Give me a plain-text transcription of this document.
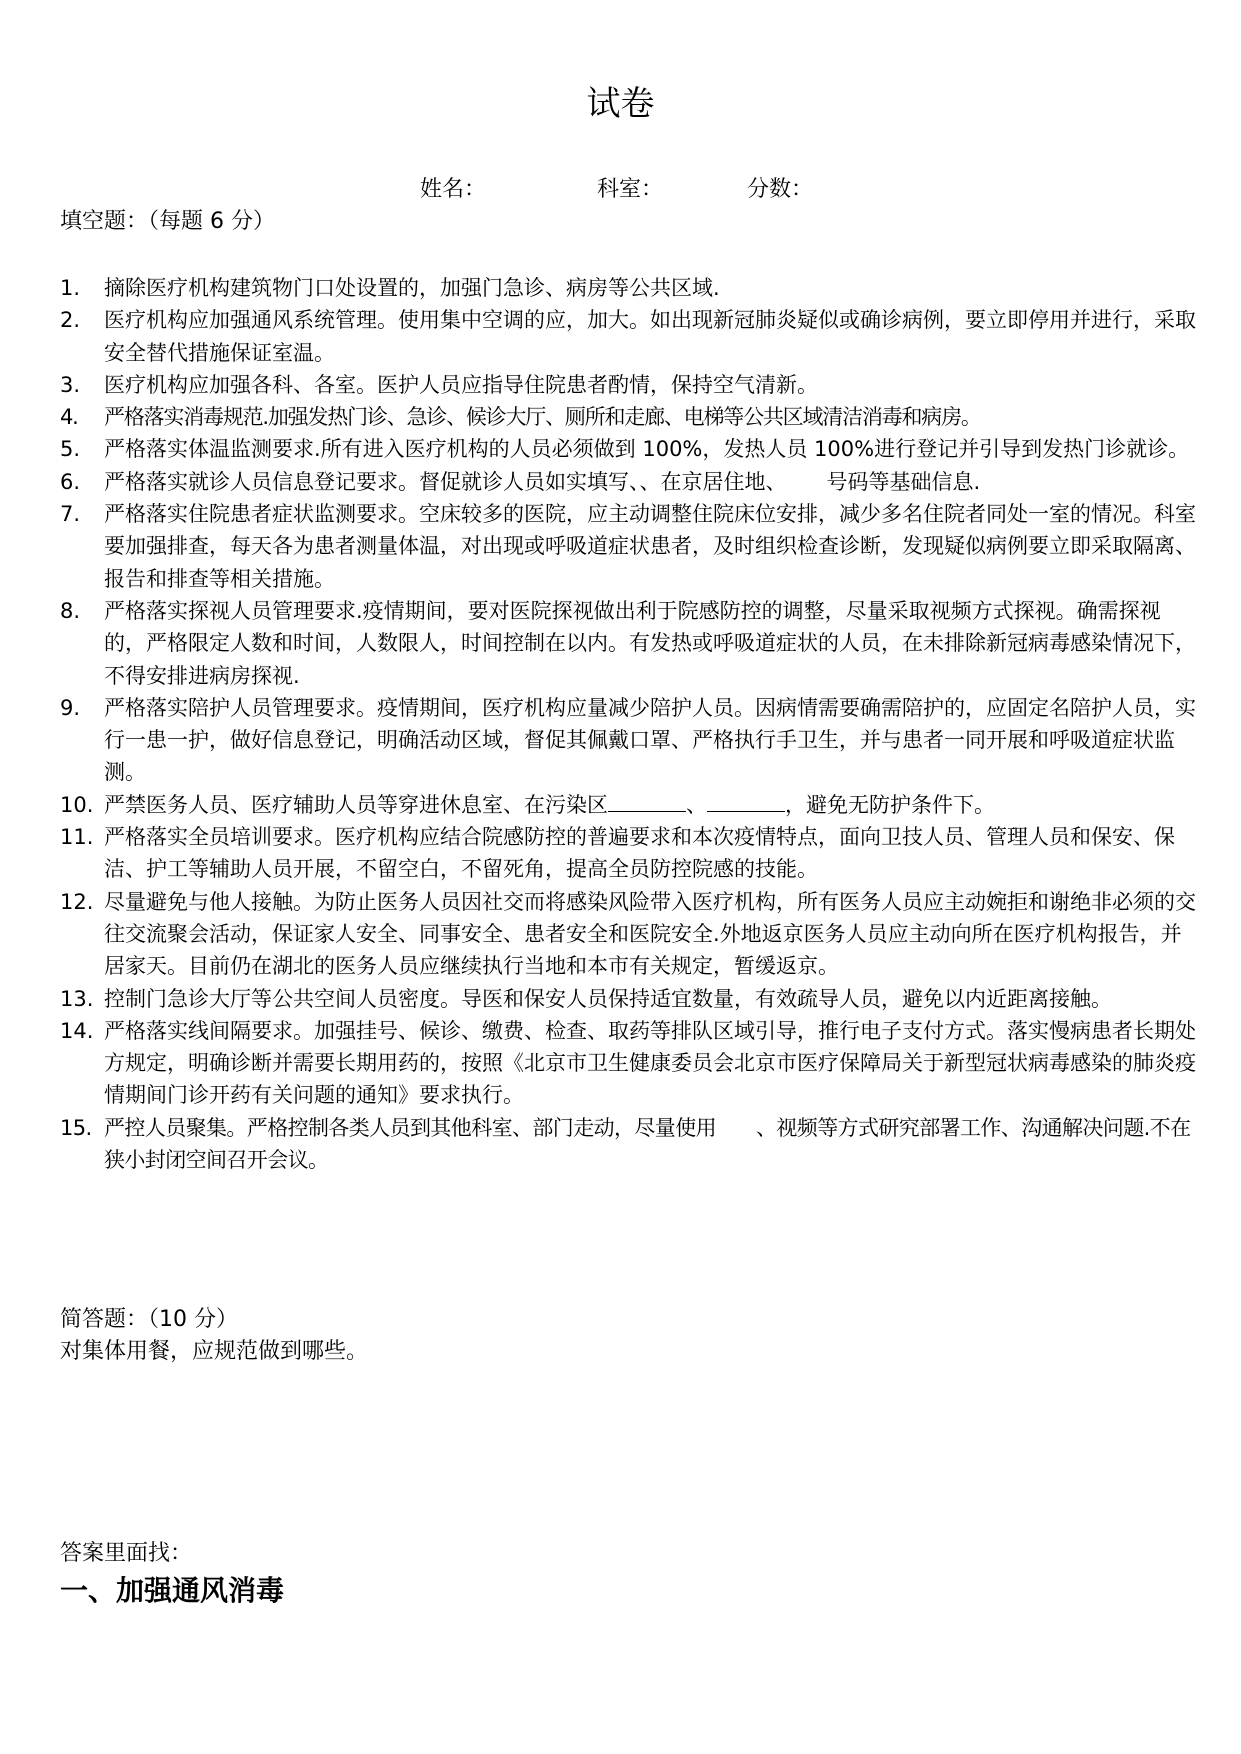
试卷
姓名：	科室：	分数：
填空题：（每题 6 分）
1.	摘除医疗机构建筑物门口处设置的，加强门急诊、病房等公共区域.
2.	医疗机构应加强通风系统管理。使用集中空调的应，加大。如出现新冠肺炎疑似或确诊病例，要立即停用并进行，采取安全替代措施保证室温。
3.	医疗机构应加强各科、各室。医护人员应指导住院患者酌情，保持空气清新。
4.	严格落实消毒规范.加强发热门诊、急诊、候诊大厅、厕所和走廊、电梯等公共区域清洁消毒和病房。
5.	严格落实体温监测要求.所有进入医疗机构的人员必须做到 100%，发热人员 100%进行登记并引导到发热门诊就诊。
6.	严格落实就诊人员信息登记要求。督促就诊人员如实填写、、在京居住地、 号码等基础信息.
7.	严格落实住院患者症状监测要求。空床较多的医院，应主动调整住院床位安排，减少多名住院者同处一室的情况。科室要加强排查，每天各为患者测量体温，对出现或呼吸道症状患者，及时组织检查诊断，发现疑似病例要立即采取隔离、报告和排查等相关措施。
8.	严格落实探视人员管理要求.疫情期间，要对医院探视做出利于院感防控的调整，尽量采取视频方式探视。确需探视的，严格限定人数和时间，人数限人，时间控制在以内。有发热或呼吸道症状的人员，在未排除新冠病毒感染情况下，不得安排进病房探视.
9.	严格落实陪护人员管理要求。疫情期间，医疗机构应量减少陪护人员。因病情需要确需陪护的，应固定名陪护人员，实行一患一护，做好信息登记，明确活动区域，督促其佩戴口罩、严格执行手卫生，并与患者一同开展和呼吸道症状监测。
10. 严禁医务人员、医疗辅助人员等穿进休息室、在污染区	、	，避免无防护条件下。
11. 严格落实全员培训要求。医疗机构应结合院感防控的普遍要求和本次疫情特点，面向卫技人员、管理人员和保安、保洁、护工等辅助人员开展，不留空白，不留死角，提高全员防控院感的技能。
12. 尽量避免与他人接触。为防止医务人员因社交而将感染风险带入医疗机构，所有医务人员应主动婉拒和谢绝非必须的交往交流聚会活动，保证家人安全、同事安全、患者安全和医院安全.外地返京医务人员应主动向所在医疗机构报告，并居家天。目前仍在湖北的医务人员应继续执行当地和本市有关规定，暂缓返京。
13. 控制门急诊大厅等公共空间人员密度。导医和保安人员保持适宜数量，有效疏导人员，避免以内近距离接触。
14. 严格落实线间隔要求。加强挂号、候诊、缴费、检查、取药等排队区域引导，推行电子支付方式。落实慢病患者长期处方规定，明确诊断并需要长期用药的，按照《北京市卫生健康委员会北京市医疗保障局关于新型冠状病毒感染的肺炎疫情期间门诊开药有关问题的通知》要求执行。
15. 严控人员聚集。严格控制各类人员到其他科室、部门走动，尽量使用 、视频等方式研究部署工作、沟通解决问题.不在狭小封闭空间召开会议。
简答题：（10 分）
对集体用餐，应规范做到哪些。
答案里面找：
一、加强通风消毒
